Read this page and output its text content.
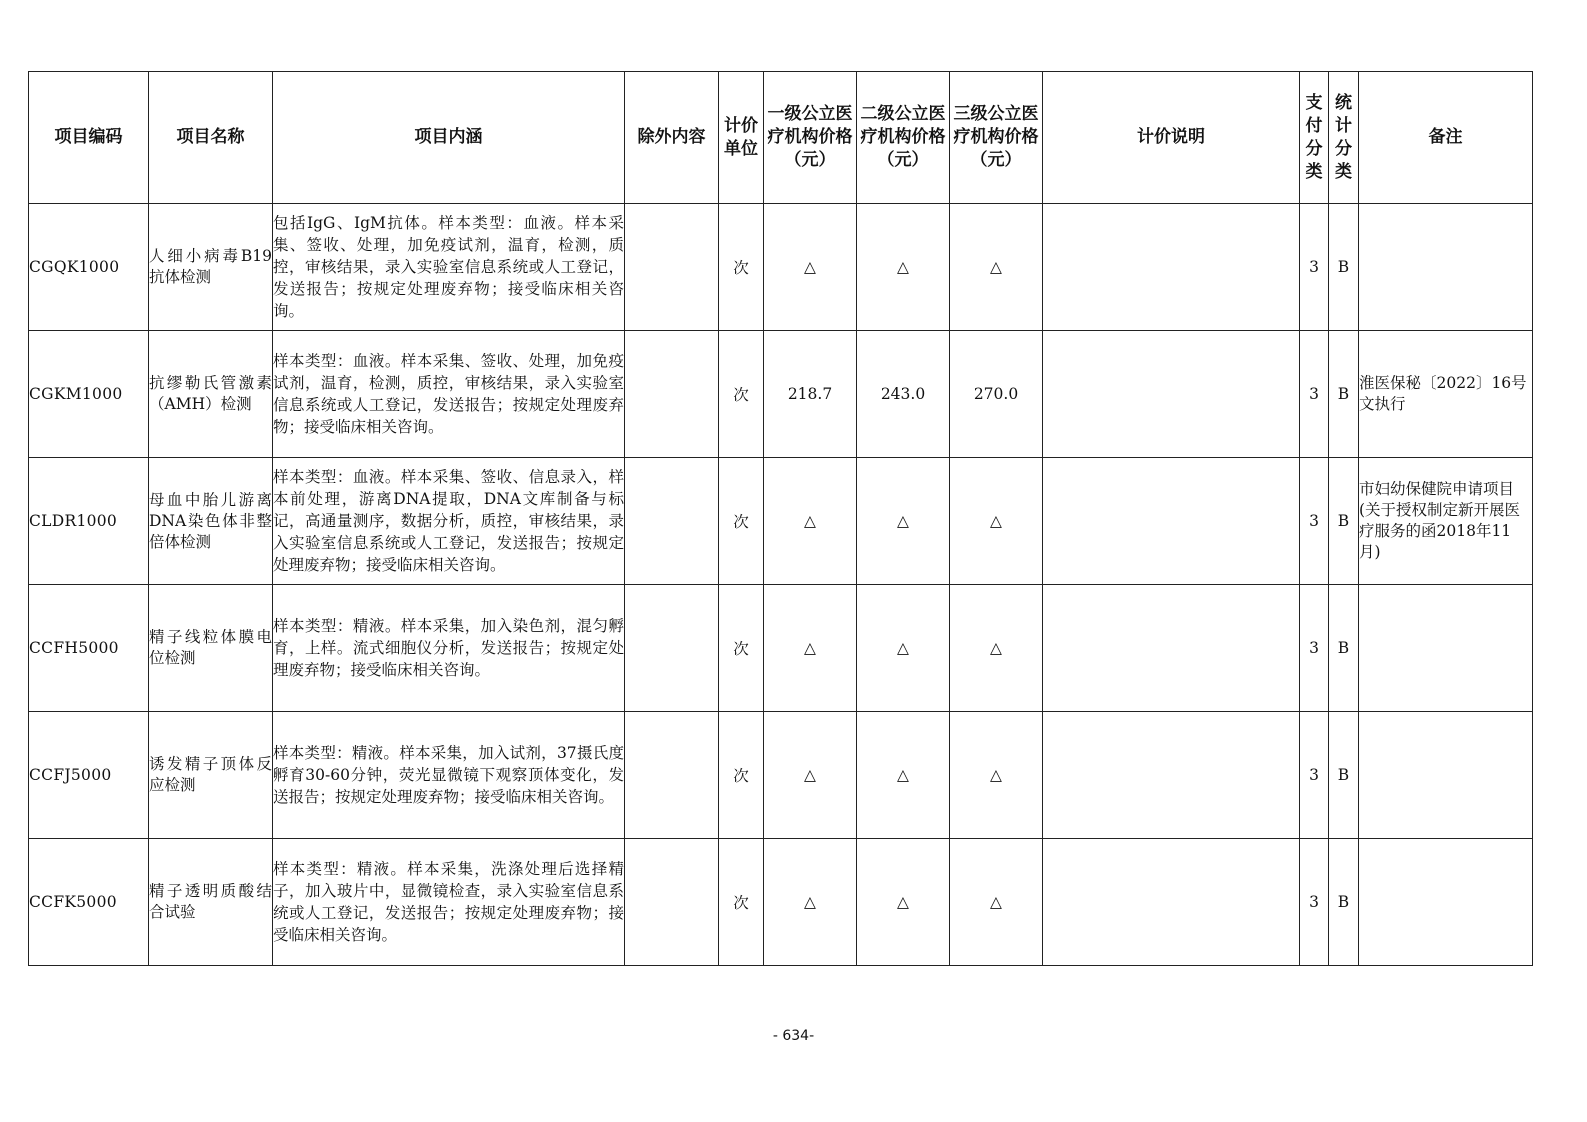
项目编码	项目名称	项目内涵	除外内容	计价单位	一级公立医疗机构价格（元）	二级公立医疗机构价格（元）	三级公立医疗机构价格（元）	计价说明	支付分类	统计分类	备注
CGQK1000	人细小病毒B19抗体检测	包括IgG、IgM抗体。样本类型：血液。样本采集、签收、处理，加免疫试剂，温育，检测，质控，审核结果，录入实验室信息系统或人工登记，发送报告；按规定处理废弃物；接受临床相关咨询。		次	△	△	△		3	B	
CGKM1000	抗缪勒氏管激素（AMH）检测	样本类型：血液。样本采集、签收、处理，加免疫试剂，温育，检测，质控，审核结果，录入实验室信息系统或人工登记，发送报告；按规定处理废弃物；接受临床相关咨询。		次	218.7	243.0	270.0		3	B	淮医保秘〔2022〕16号文执行
CLDR1000	母血中胎儿游离DNA染色体非整倍体检测	样本类型：血液。样本采集、签收、信息录入，样本前处理，游离DNA提取，DNA文库制备与标记，高通量测序，数据分析，质控，审核结果，录入实验室信息系统或人工登记，发送报告；按规定处理废弃物；接受临床相关咨询。		次	△	△	△		3	B	市妇幼保健院申请项目(关于授权制定新开展医疗服务的函2018年11月)
CCFH5000	精子线粒体膜电位检测	样本类型：精液。样本采集，加入染色剂，混匀孵育，上样。流式细胞仪分析，发送报告；按规定处理废弃物；接受临床相关咨询。		次	△	△	△		3	B	
CCFJ5000	诱发精子顶体反应检测	样本类型：精液。样本采集，加入试剂，37摄氏度孵育30-60分钟，荧光显微镜下观察顶体变化，发送报告；按规定处理废弃物；接受临床相关咨询。		次	△	△	△		3	B	
CCFK5000	精子透明质酸结合试验	样本类型：精液。样本采集，洗涤处理后选择精子，加入玻片中，显微镜检查，录入实验室信息系统或人工登记，发送报告；按规定处理废弃物；接受临床相关咨询。		次	△	△	△		3	B	
- 634-
